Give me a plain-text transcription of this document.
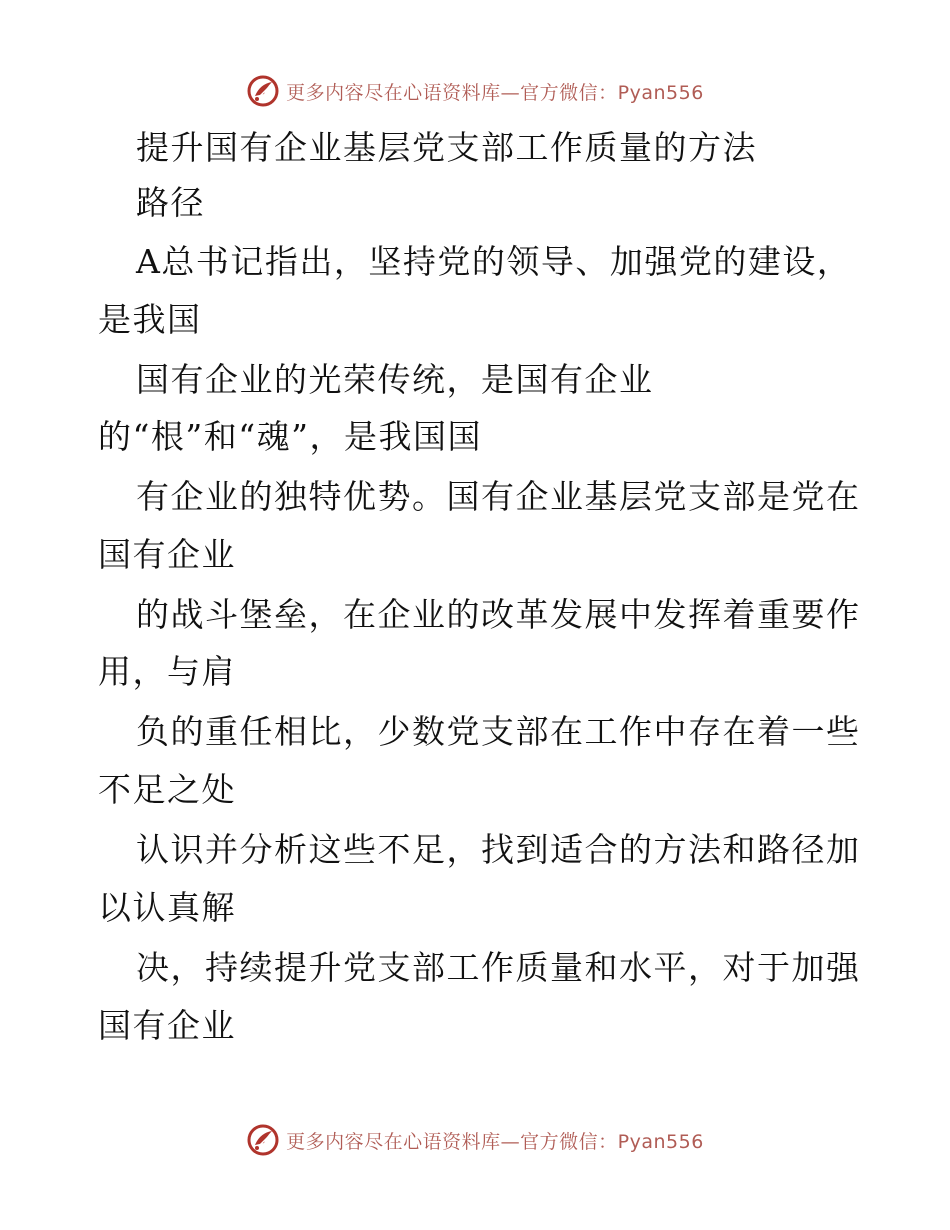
更多内容尽在心语资料库—官方微信：Pyan556
提升国有企业基层党支部工作质量的方法
路径
A总书记指出，坚持党的领导、加强党的建设，
是我国
国有企业的光荣传统，是国有企业
的“根”和“魂”，是我国国
有企业的独特优势。国有企业基层党支部是党在
国有企业
的战斗堡垒，在企业的改革发展中发挥着重要作
用，与肩
负的重任相比，少数党支部在工作中存在着一些
不足之处
认识并分析这些不足，找到适合的方法和路径加
以认真解
决，持续提升党支部工作质量和水平，对于加强
国有企业
更多内容尽在心语资料库—官方微信：Pyan556
